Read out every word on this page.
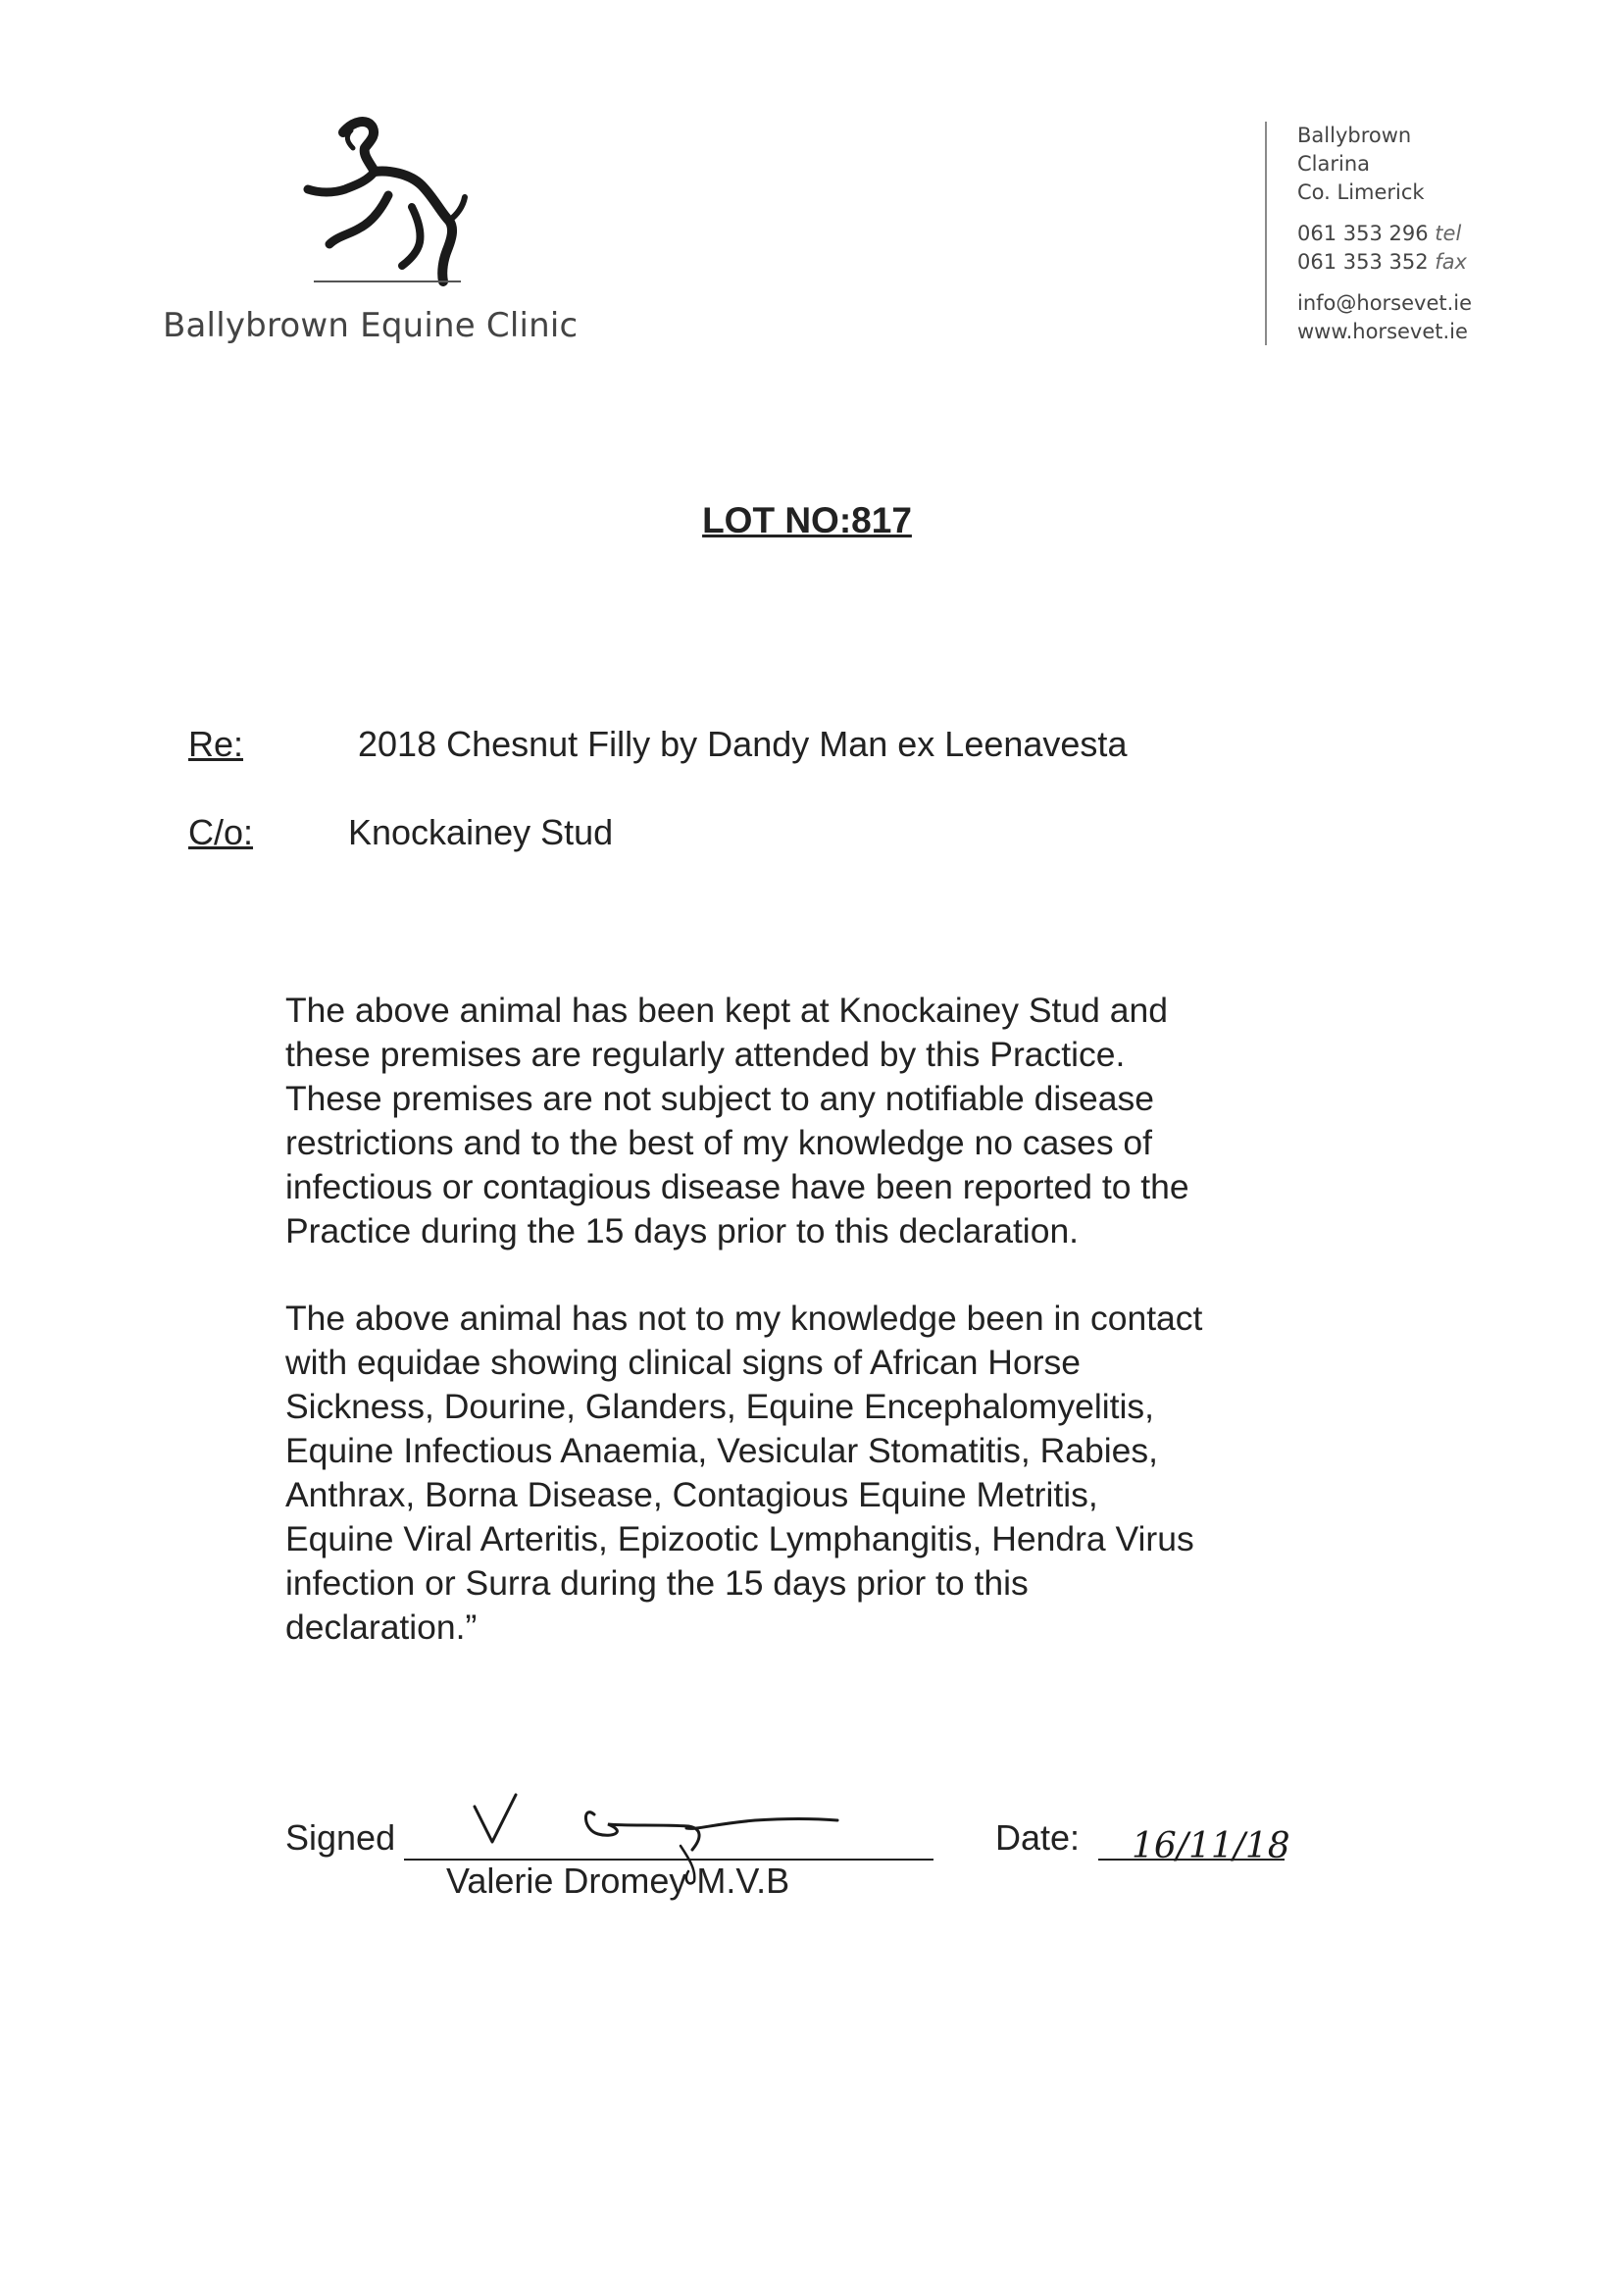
Ballybrown Equine Clinic
Ballybrown
Clarina
Co. Limerick
061 353 296 tel
061 353 352 fax
info@horsevet.ie
www.horsevet.ie
LOT NO:817
Re:	2018 Chesnut Filly by Dandy Man ex Leenavesta
C/o:	Knockainey Stud
The above animal has been kept at Knockainey Stud and
these premises are regularly attended by this Practice.
These premises are not subject to any notifiable disease
restrictions and to the best of my knowledge no cases of
infectious or contagious disease have been reported to the
Practice during the 15 days prior to this declaration.
The above animal has not to my knowledge been in contact
with equidae showing clinical signs of African Horse
Sickness, Dourine, Glanders, Equine Encephalomyelitis,
Equine Infectious Anaemia, Vesicular Stomatitis, Rabies,
Anthrax, Borna Disease, Contagious Equine Metritis,
Equine Viral Arteritis, Epizootic Lymphangitis, Hendra Virus
infection or Surra during the 15 days prior to this
declaration.”
Signed
Valerie Dromey M.V.B
Date: 16/11/18
